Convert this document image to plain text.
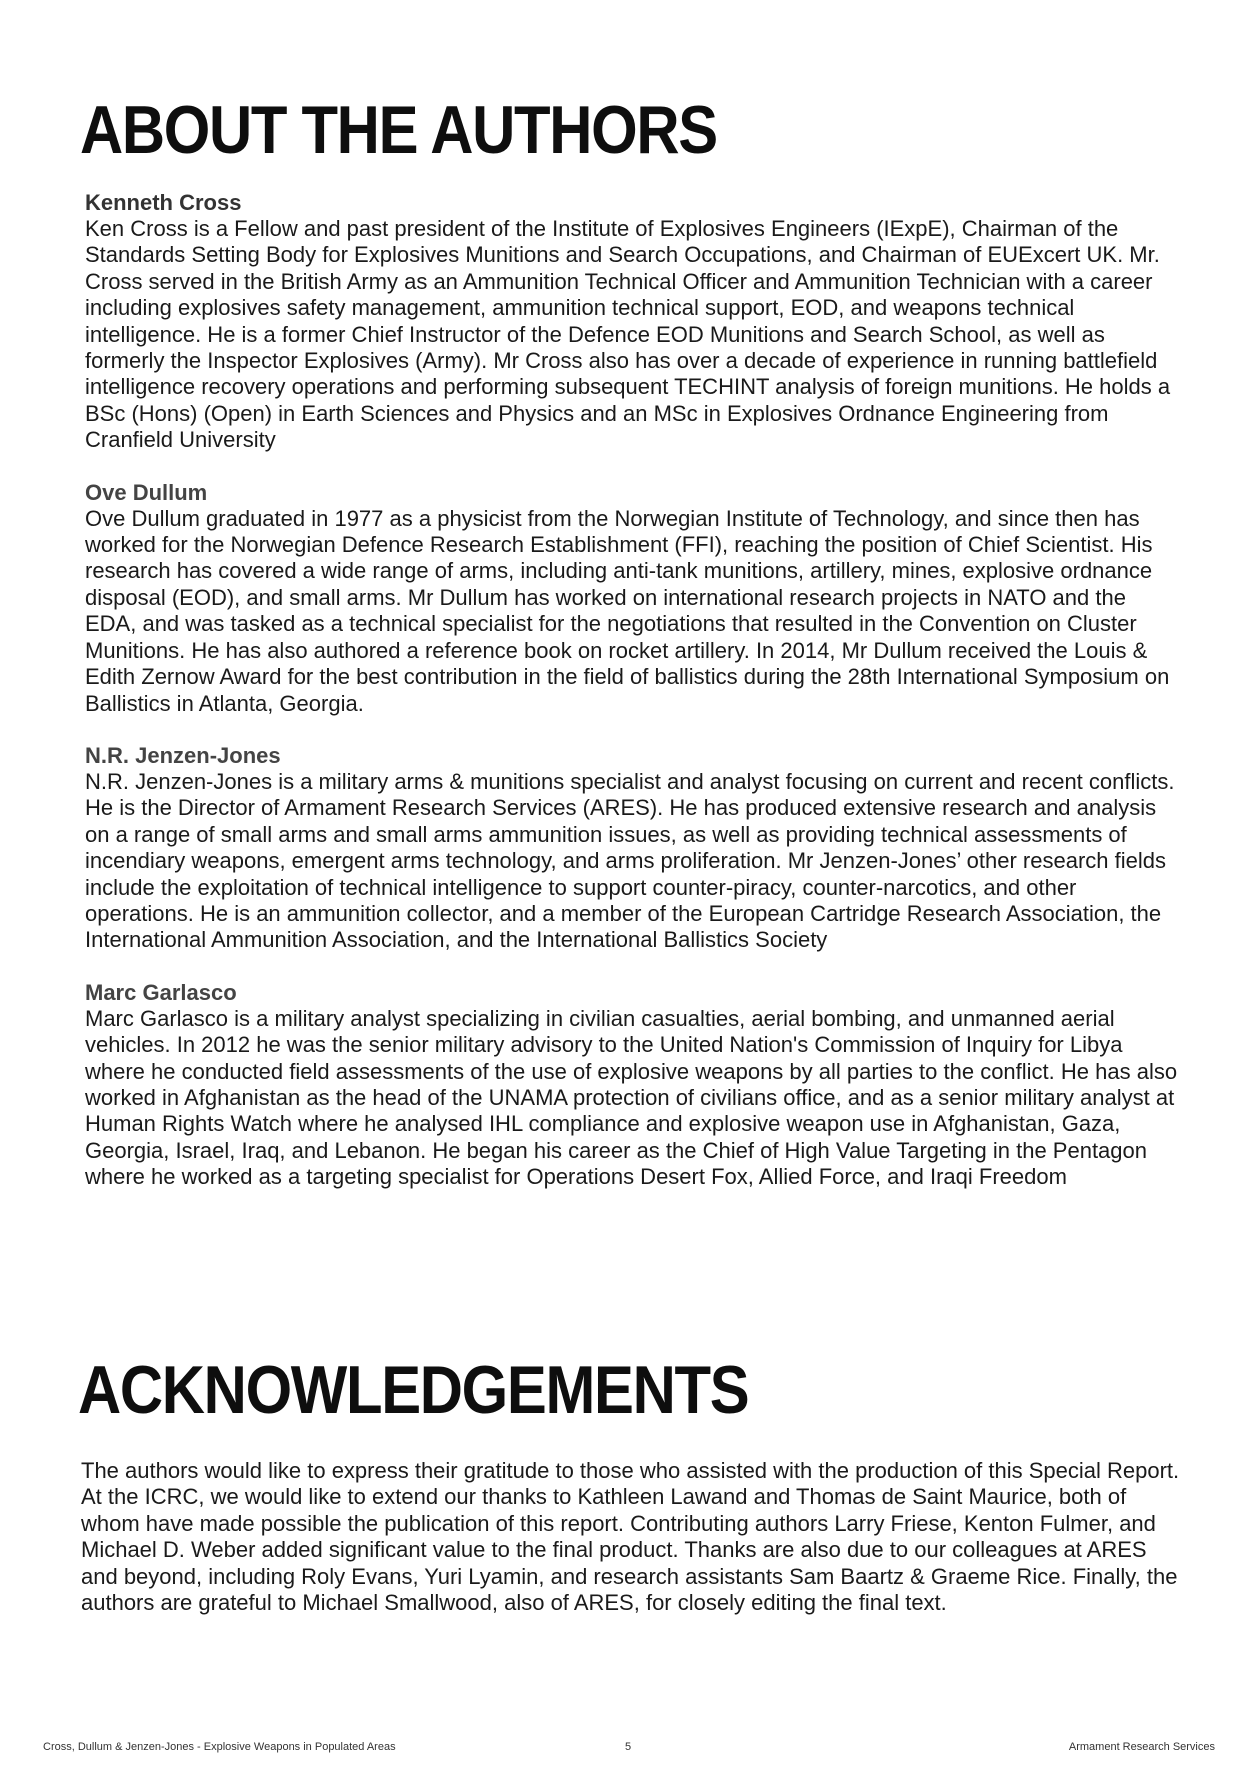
ABOUT THE AUTHORS
Kenneth Cross
Ken Cross is a Fellow and past president of the Institute of Explosives Engineers (IExpE), Chairman of the Standards Setting Body for Explosives Munitions and Search Occupations, and Chairman of EUExcert UK. Mr. Cross served in the British Army as an Ammunition Technical Officer and Ammunition Technician with a career including explosives safety management, ammunition technical support, EOD, and weapons technical intelligence. He is a former Chief Instructor of the Defence EOD Munitions and Search School, as well as formerly the Inspector Explosives (Army). Mr Cross also has over a decade of experience in running battlefield intelligence recovery operations and performing subsequent TECHINT analysis of foreign munitions. He holds a BSc (Hons) (Open) in Earth Sciences and Physics and an MSc in Explosives Ordnance Engineering from Cranfield University
Ove Dullum
Ove Dullum graduated in 1977 as a physicist from the Norwegian Institute of Technology, and since then has worked for the Norwegian Defence Research Establishment (FFI), reaching the position of Chief Scientist. His research has covered a wide range of arms, including anti-tank munitions, artillery, mines, explosive ordnance disposal (EOD), and small arms. Mr Dullum has worked on international research projects in NATO and the EDA, and was tasked as a technical specialist for the negotiations that resulted in the Convention on Cluster Munitions. He has also authored a reference book on rocket artillery. In 2014, Mr Dullum received the Louis & Edith Zernow Award for the best contribution in the field of ballistics during the 28th International Symposium on Ballistics in Atlanta, Georgia.
N.R. Jenzen-Jones
N.R. Jenzen-Jones is a military arms & munitions specialist and analyst focusing on current and recent conflicts. He is the Director of Armament Research Services (ARES). He has produced extensive research and analysis on a range of small arms and small arms ammunition issues, as well as providing technical assessments of incendiary weapons, emergent arms technology, and arms proliferation. Mr Jenzen-Jones’ other research fields include the exploitation of technical intelligence to support counter-piracy, counter-narcotics, and other operations. He is an ammunition collector, and a member of the European Cartridge Research Association, the International Ammunition Association, and the International Ballistics Society
Marc Garlasco
Marc Garlasco is a military analyst specializing in civilian casualties, aerial bombing, and unmanned aerial vehicles. In 2012 he was the senior military advisory to the United Nation's Commission of Inquiry for Libya where he conducted field assessments of the use of explosive weapons by all parties to the conflict. He has also worked in Afghanistan as the head of the UNAMA protection of civilians office, and as a senior military analyst at Human Rights Watch where he analysed IHL compliance and explosive weapon use in Afghanistan, Gaza, Georgia, Israel, Iraq, and Lebanon. He began his career as the Chief of High Value Targeting in the Pentagon where he worked as a targeting specialist for Operations Desert Fox, Allied Force, and Iraqi Freedom
ACKNOWLEDGEMENTS
The authors would like to express their gratitude to those who assisted with the production of this Special Report. At the ICRC, we would like to extend our thanks to Kathleen Lawand and Thomas de Saint Maurice, both of whom have made possible the publication of this report. Contributing authors Larry Friese, Kenton Fulmer, and Michael D. Weber added significant value to the final product. Thanks are also due to our colleagues at ARES and beyond, including Roly Evans, Yuri Lyamin, and research assistants Sam Baartz & Graeme Rice. Finally, the authors are grateful to Michael Smallwood, also of ARES, for closely editing the final text.
Cross, Dullum & Jenzen-Jones - Explosive Weapons in Populated Areas	5	Armament Research Services
